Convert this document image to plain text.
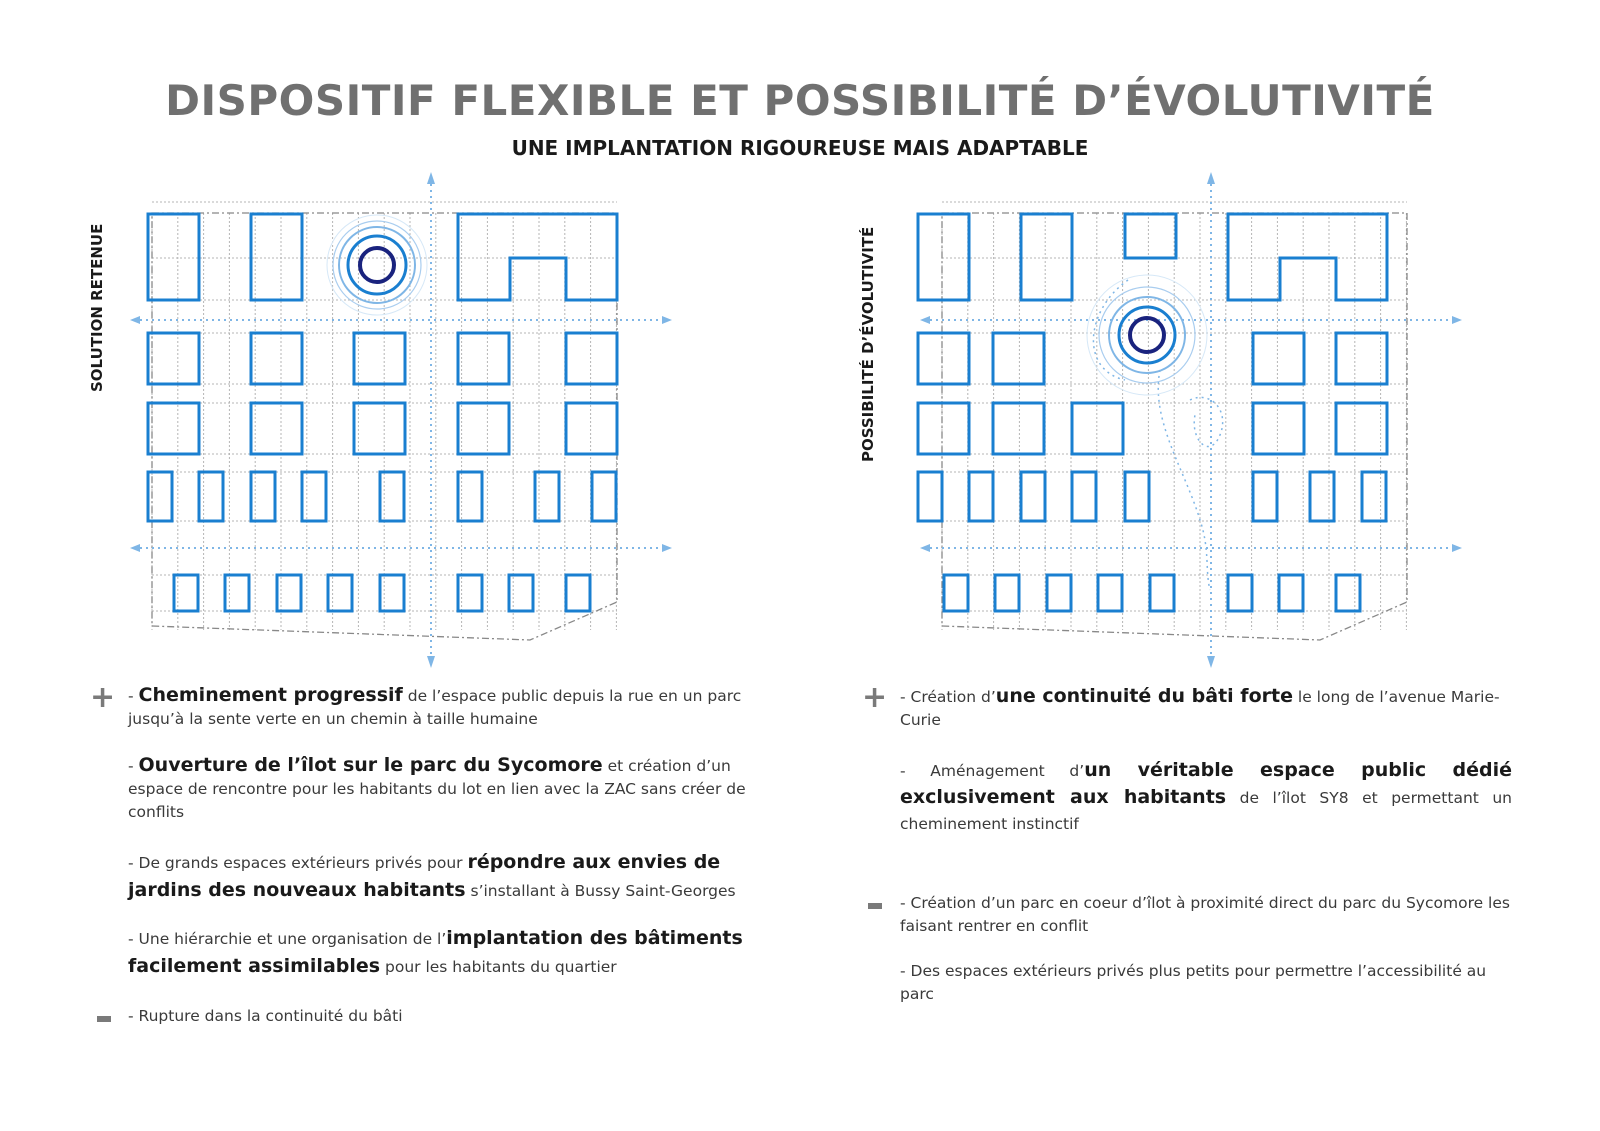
DISPOSITIF FLEXIBLE ET POSSIBILITÉ D’ÉVOLUTIVITÉ
UNE IMPLANTATION RIGOUREUSE MAIS ADAPTABLE
SOLUTION RETENUE	POSSIBILITÉ D’ÉVOLUTIVITÉ
+ - Cheminement progressif de l’espace public depuis la rue en un parc jusqu’à la sente verte en un chemin à taille humaine

- Ouverture de l’îlot sur le parc du Sycomore et création d’un espace de rencontre pour les habitants du lot en lien avec la ZAC sans créer de conflits

- De grands espaces extérieurs privés pour répondre aux envies de jardins des nouveaux habitants s’installant à Bussy Saint-Georges

- Une hiérarchie et une organisation de l’implantation des bâtiments facilement assimilables pour les habitants du quartier

- Rupture dans la continuité du bâti

+ - Création d’une continuité du bâti forte le long de l’avenue Marie-Curie

- Aménagement d’un véritable espace public dédié exclusivement aux habitants de l’îlot SY8 et permettant un cheminement instinctif

- Création d’un parc en coeur d’îlot à proximité direct du parc du Sycomore les faisant rentrer en conflit

- Des espaces extérieurs privés plus petits pour permettre l’accessibilité au parc
